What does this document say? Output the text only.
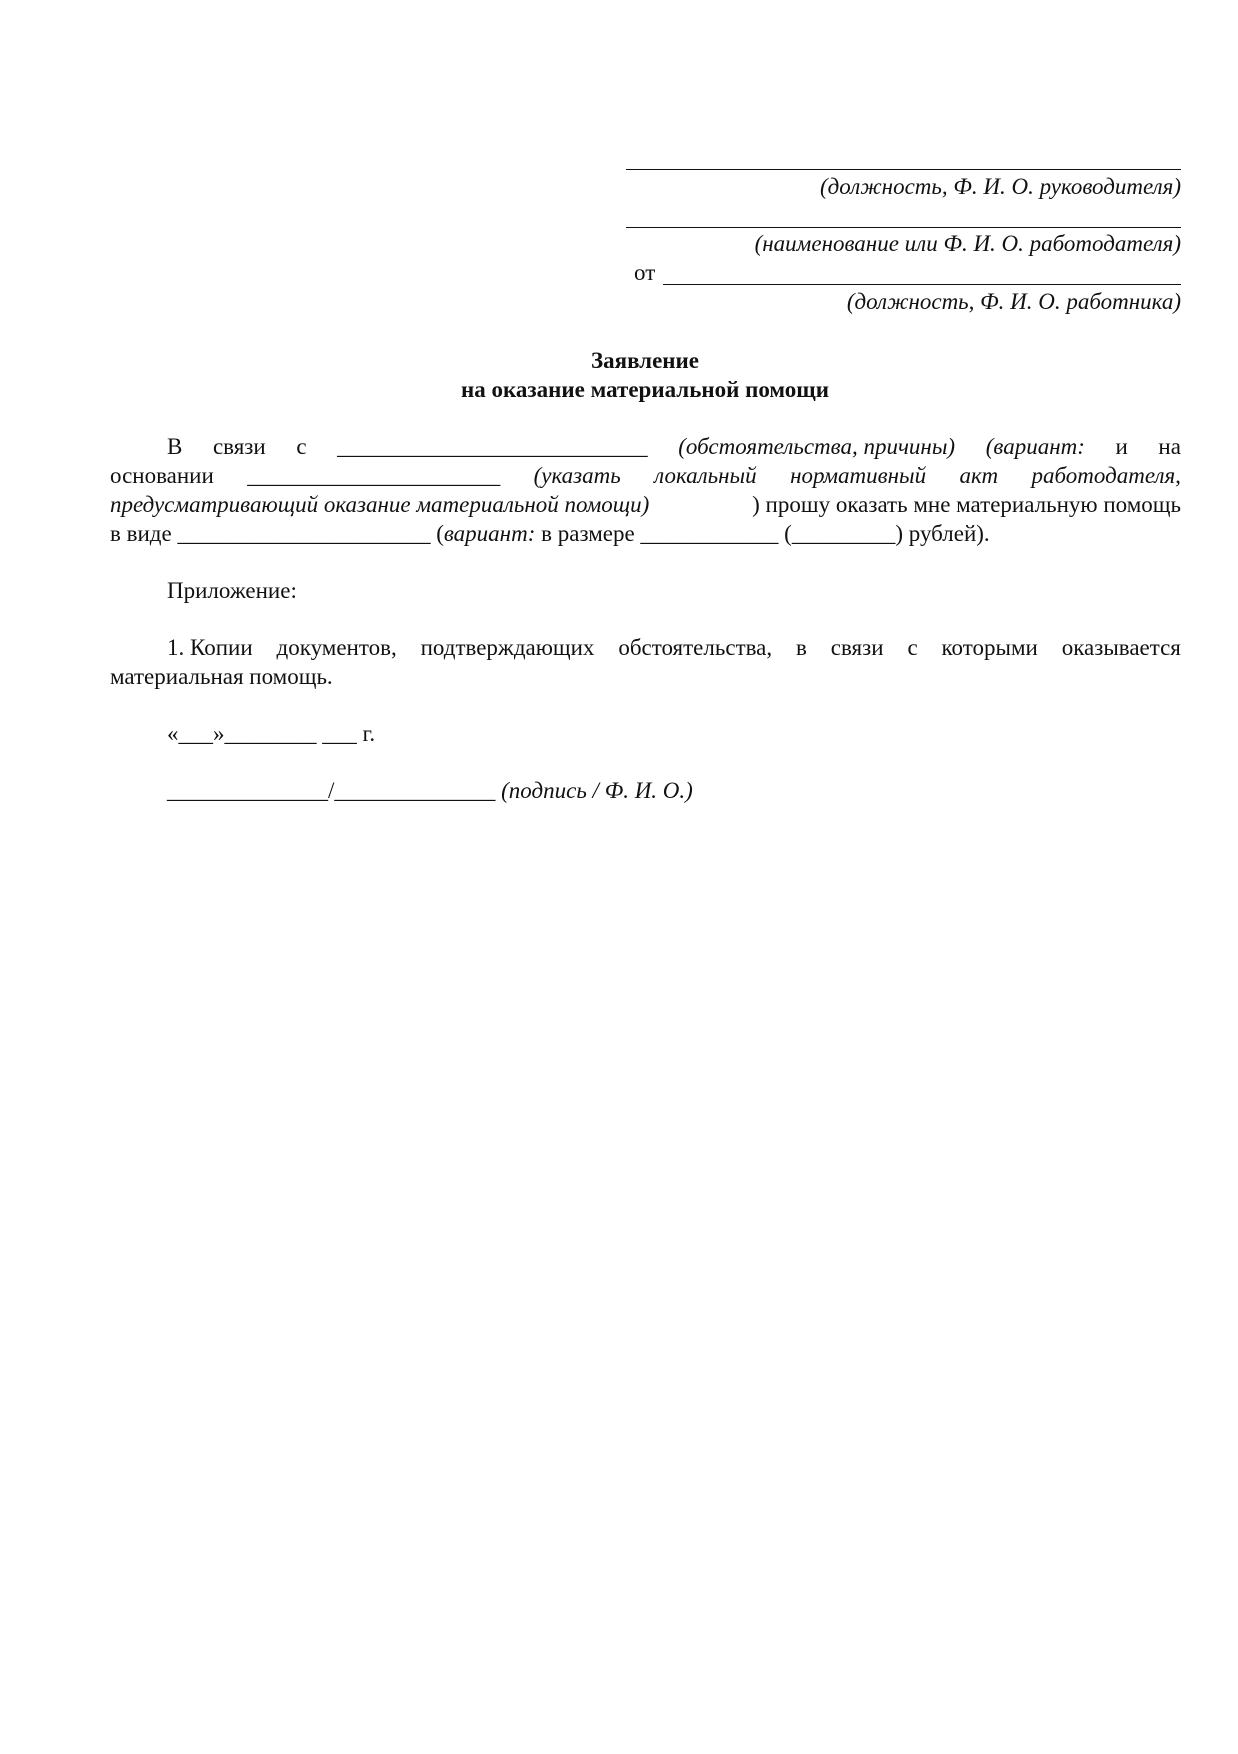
(должность, Ф. И. О. руководителя)
(наименование или Ф. И. О. работодателя)
от
(должность, Ф. И. О. работника)
Заявление
на оказание материальной помощи
В связи с ___________________________ (обстоятельства, причины) (вариант: и на
основании ______________________ (указать локальный нормативный акт работодателя,
предусматривающий оказание материальной помощи)	) прошу оказать мне материальную помощь
в виде ______________________ (вариант: в размере ____________ (_________) рублей).
Приложение:
1. Копии документов, подтверждающих обстоятельства, в связи с которыми оказывается
материальная помощь.
«___»________ ___ г.
______________/______________ (подпись / Ф. И. О.)
